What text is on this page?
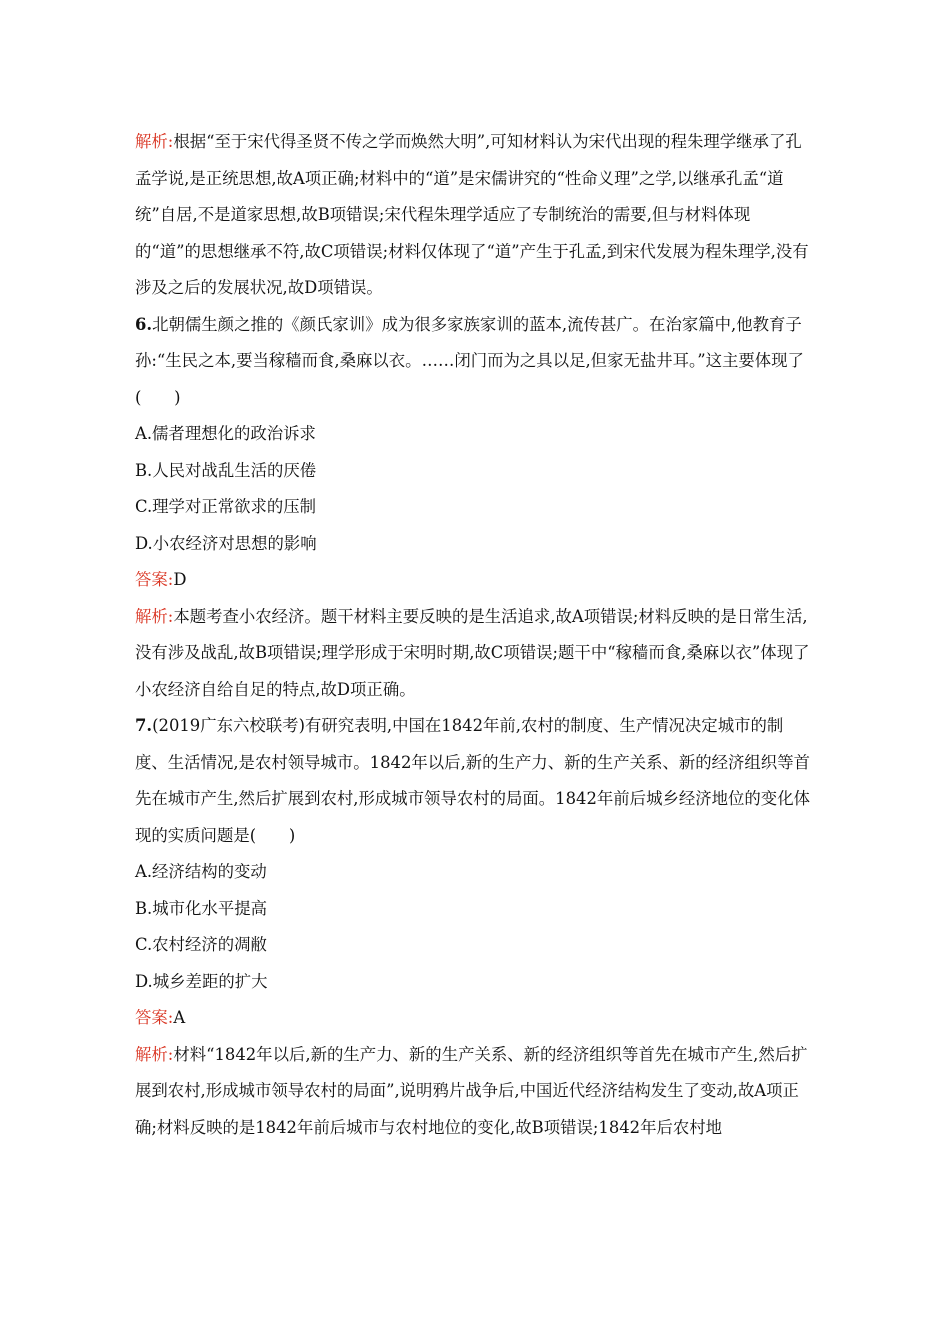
解析:根据“至于宋代得圣贤不传之学而焕然大明”,可知材料认为宋代出现的程朱理学继承了孔孟学说,是正统思想,故A项正确;材料中的“道”是宋儒讲究的“性命义理”之学,以继承孔孟“道统”自居,不是道家思想,故B项错误;宋代程朱理学适应了专制统治的需要,但与材料体现的“道”的思想继承不符,故C项错误;材料仅体现了“道”产生于孔孟,到宋代发展为程朱理学,没有涉及之后的发展状况,故D项错误。

6.北朝儒生颜之推的《颜氏家训》成为很多家族家训的蓝本,流传甚广。在治家篇中,他教育子孙:“生民之本,要当稼穑而食,桑麻以衣。……闭门而为之具以足,但家无盐井耳。”这主要体现了(　　)

A.儒者理想化的政治诉求

B.人民对战乱生活的厌倦

C.理学对正常欲求的压制

D.小农经济对思想的影响

答案:D

解析:本题考查小农经济。题干材料主要反映的是生活追求,故A项错误;材料反映的是日常生活,没有涉及战乱,故B项错误;理学形成于宋明时期,故C项错误;题干中“稼穑而食,桑麻以衣”体现了小农经济自给自足的特点,故D项正确。

7.(2019广东六校联考)有研究表明,中国在1842年前,农村的制度、生产情况决定城市的制度、生活情况,是农村领导城市。1842年以后,新的生产力、新的生产关系、新的经济组织等首先在城市产生,然后扩展到农村,形成城市领导农村的局面。1842年前后城乡经济地位的变化体现的实质问题是(　　)

A.经济结构的变动

B.城市化水平提高

C.农村经济的凋敝

D.城乡差距的扩大

答案:A

解析:材料“1842年以后,新的生产力、新的生产关系、新的经济组织等首先在城市产生,然后扩展到农村,形成城市领导农村的局面”,说明鸦片战争后,中国近代经济结构发生了变动,故A项正确;材料反映的是1842年前后城市与农村地位的变化,故B项错误;1842年后农村地
